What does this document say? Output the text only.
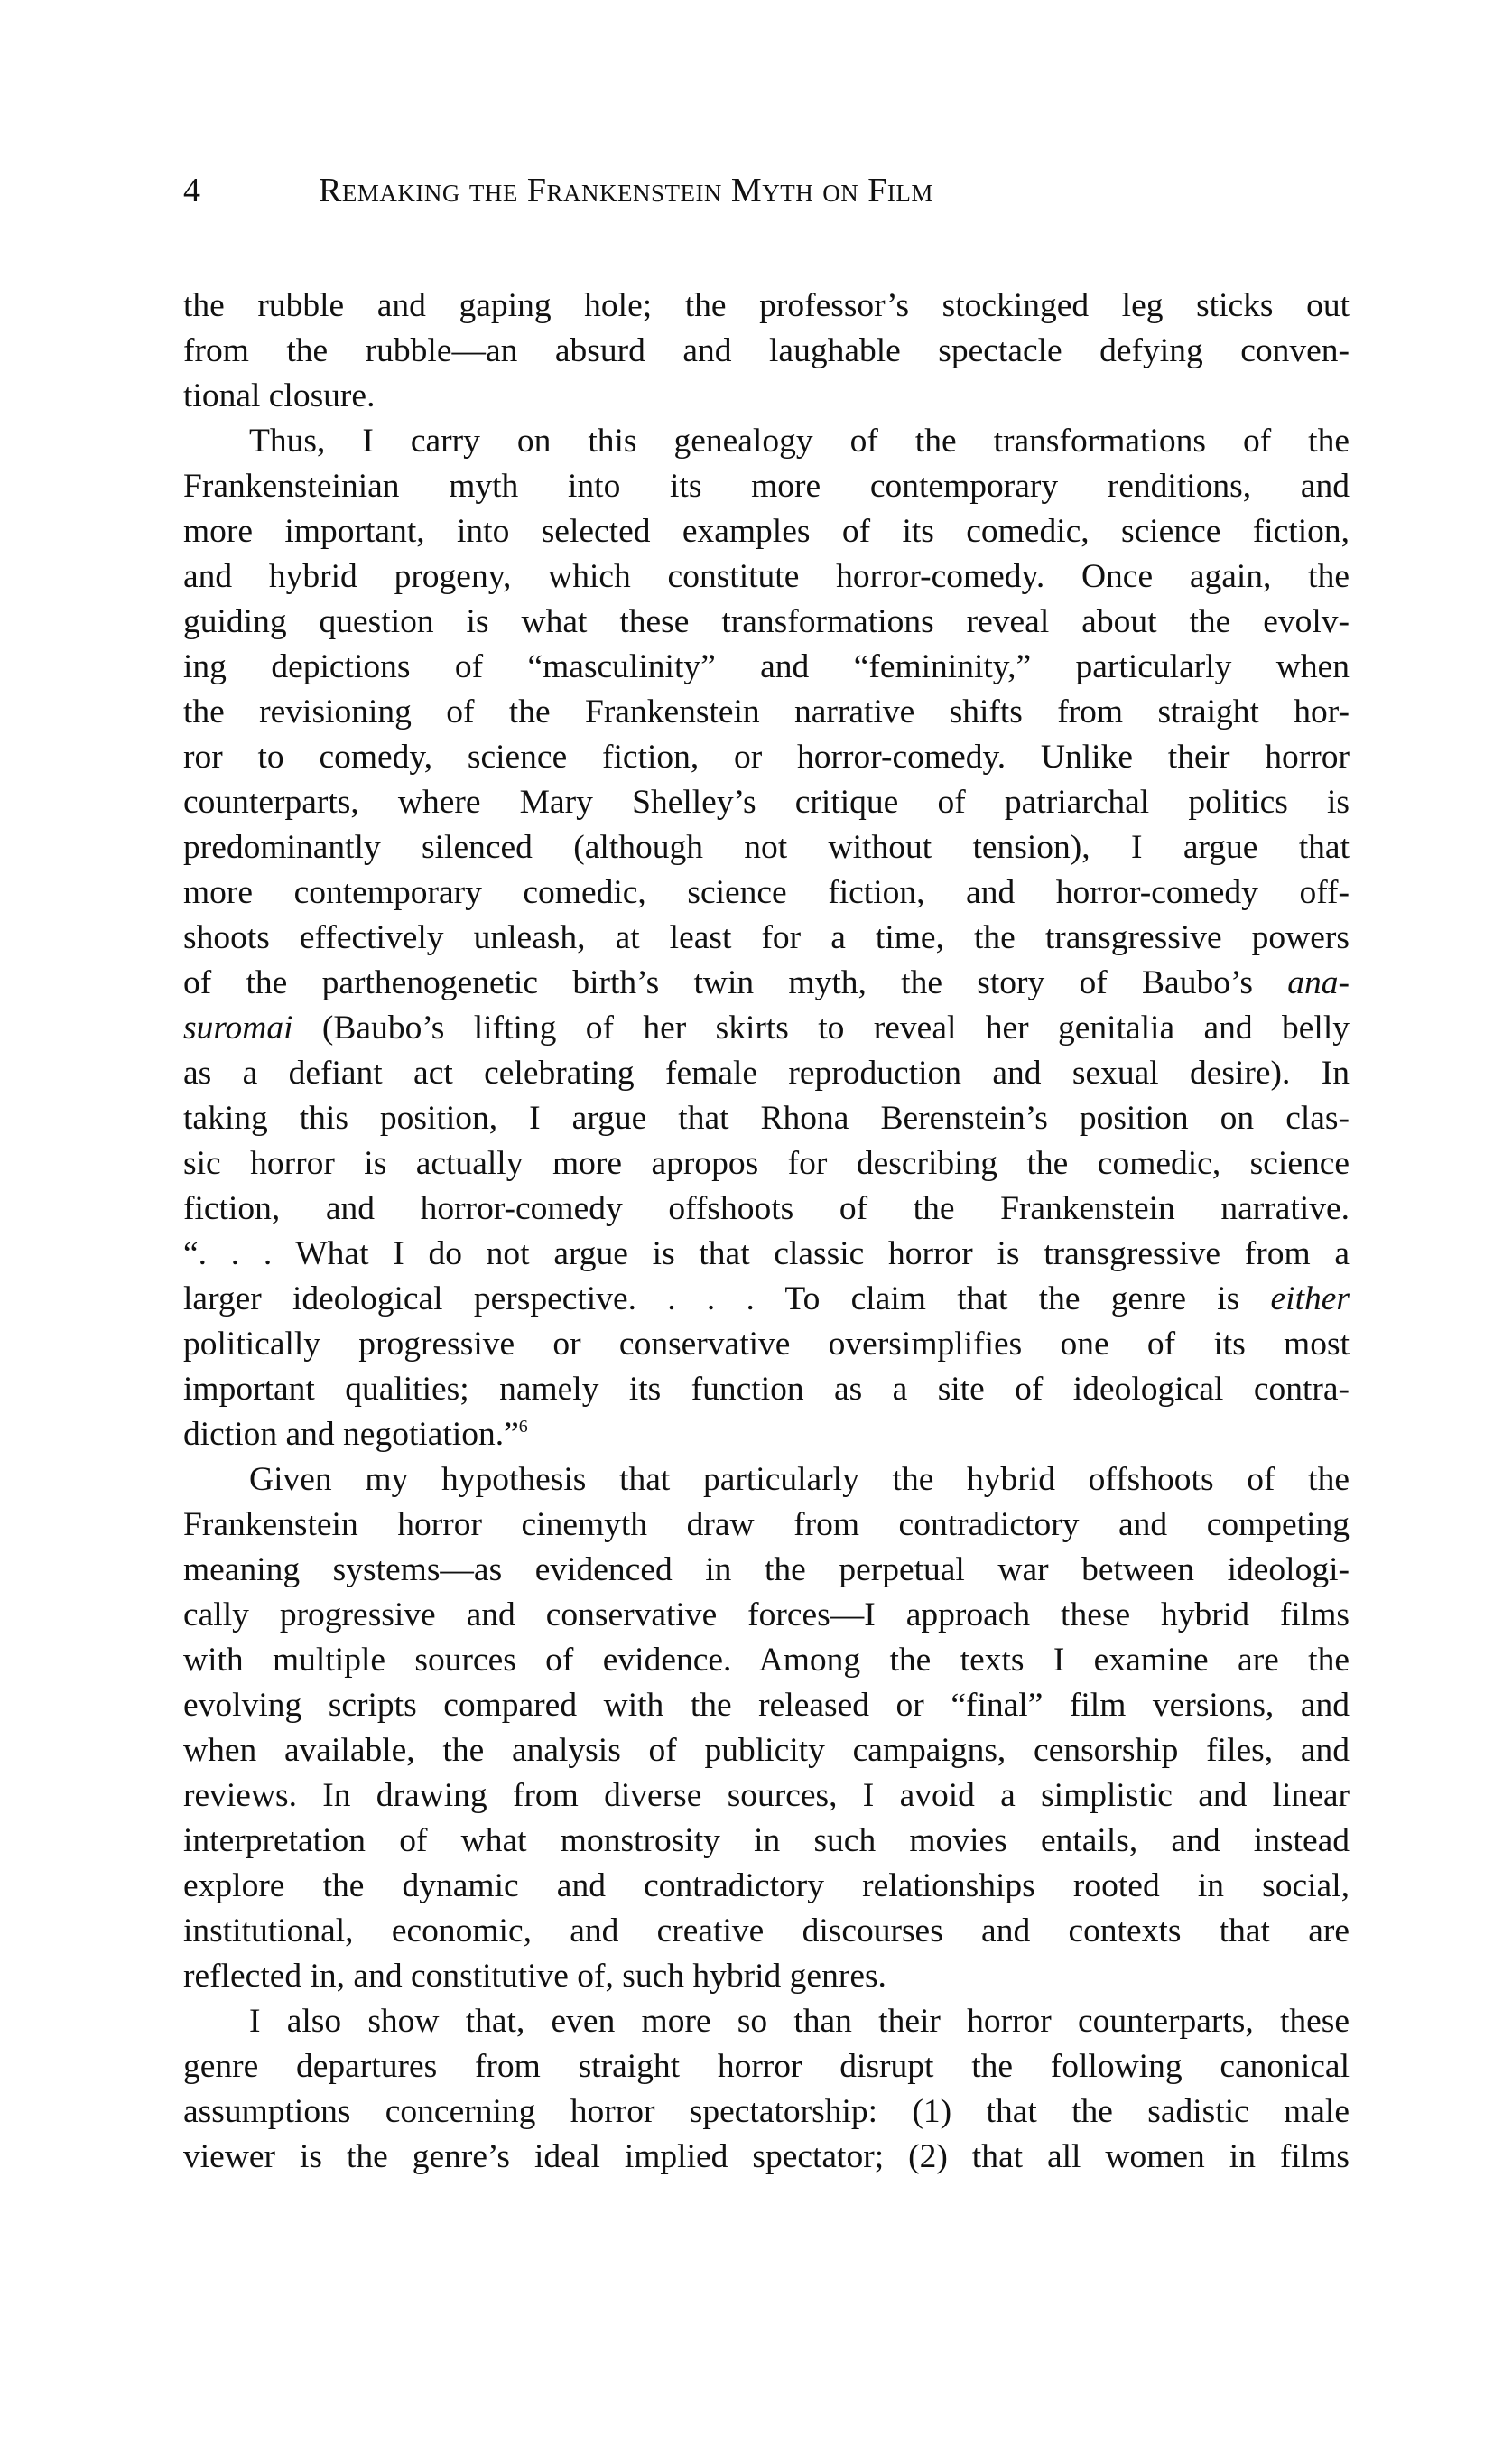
4	Remaking the Frankenstein Myth on Film
the rubble and gaping hole; the professor’s stockinged leg sticks out
from the rubble—an absurd and laughable spectacle defying conven-
tional closure.
Thus, I carry on this genealogy of the transformations of the
Frankensteinian myth into its more contemporary renditions, and
more important, into selected examples of its comedic, science fiction,
and hybrid progeny, which constitute horror-comedy. Once again, the
guiding question is what these transformations reveal about the evolv-
ing depictions of “masculinity” and “femininity,” particularly when
the revisioning of the Frankenstein narrative shifts from straight hor-
ror to comedy, science fiction, or horror-comedy. Unlike their horror
counterparts, where Mary Shelley’s critique of patriarchal politics is
predominantly silenced (although not without tension), I argue that
more contemporary comedic, science fiction, and horror-comedy off-
shoots effectively unleash, at least for a time, the transgressive powers
of the parthenogenetic birth’s twin myth, the story of Baubo’s ana-
suromai (Baubo’s lifting of her skirts to reveal her genitalia and belly
as a defiant act celebrating female reproduction and sexual desire). In
taking this position, I argue that Rhona Berenstein’s position on clas-
sic horror is actually more apropos for describing the comedic, science
fiction, and horror-comedy offshoots of the Frankenstein narrative.
“. . . What I do not argue is that classic horror is transgressive from a
larger ideological perspective. . . . To claim that the genre is either
politically progressive or conservative oversimplifies one of its most
important qualities; namely its function as a site of ideological contra-
diction and negotiation.”$^6$
Given my hypothesis that particularly the hybrid offshoots of the
Frankenstein horror cinemyth draw from contradictory and competing
meaning systems—as evidenced in the perpetual war between ideologi-
cally progressive and conservative forces—I approach these hybrid films
with multiple sources of evidence. Among the texts I examine are the
evolving scripts compared with the released or “final” film versions, and
when available, the analysis of publicity campaigns, censorship files, and
reviews. In drawing from diverse sources, I avoid a simplistic and linear
interpretation of what monstrosity in such movies entails, and instead
explore the dynamic and contradictory relationships rooted in social,
institutional, economic, and creative discourses and contexts that are
reflected in, and constitutive of, such hybrid genres.
I also show that, even more so than their horror counterparts, these
genre departures from straight horror disrupt the following canonical
assumptions concerning horror spectatorship: (1) that the sadistic male
viewer is the genre’s ideal implied spectator; (2) that all women in films
